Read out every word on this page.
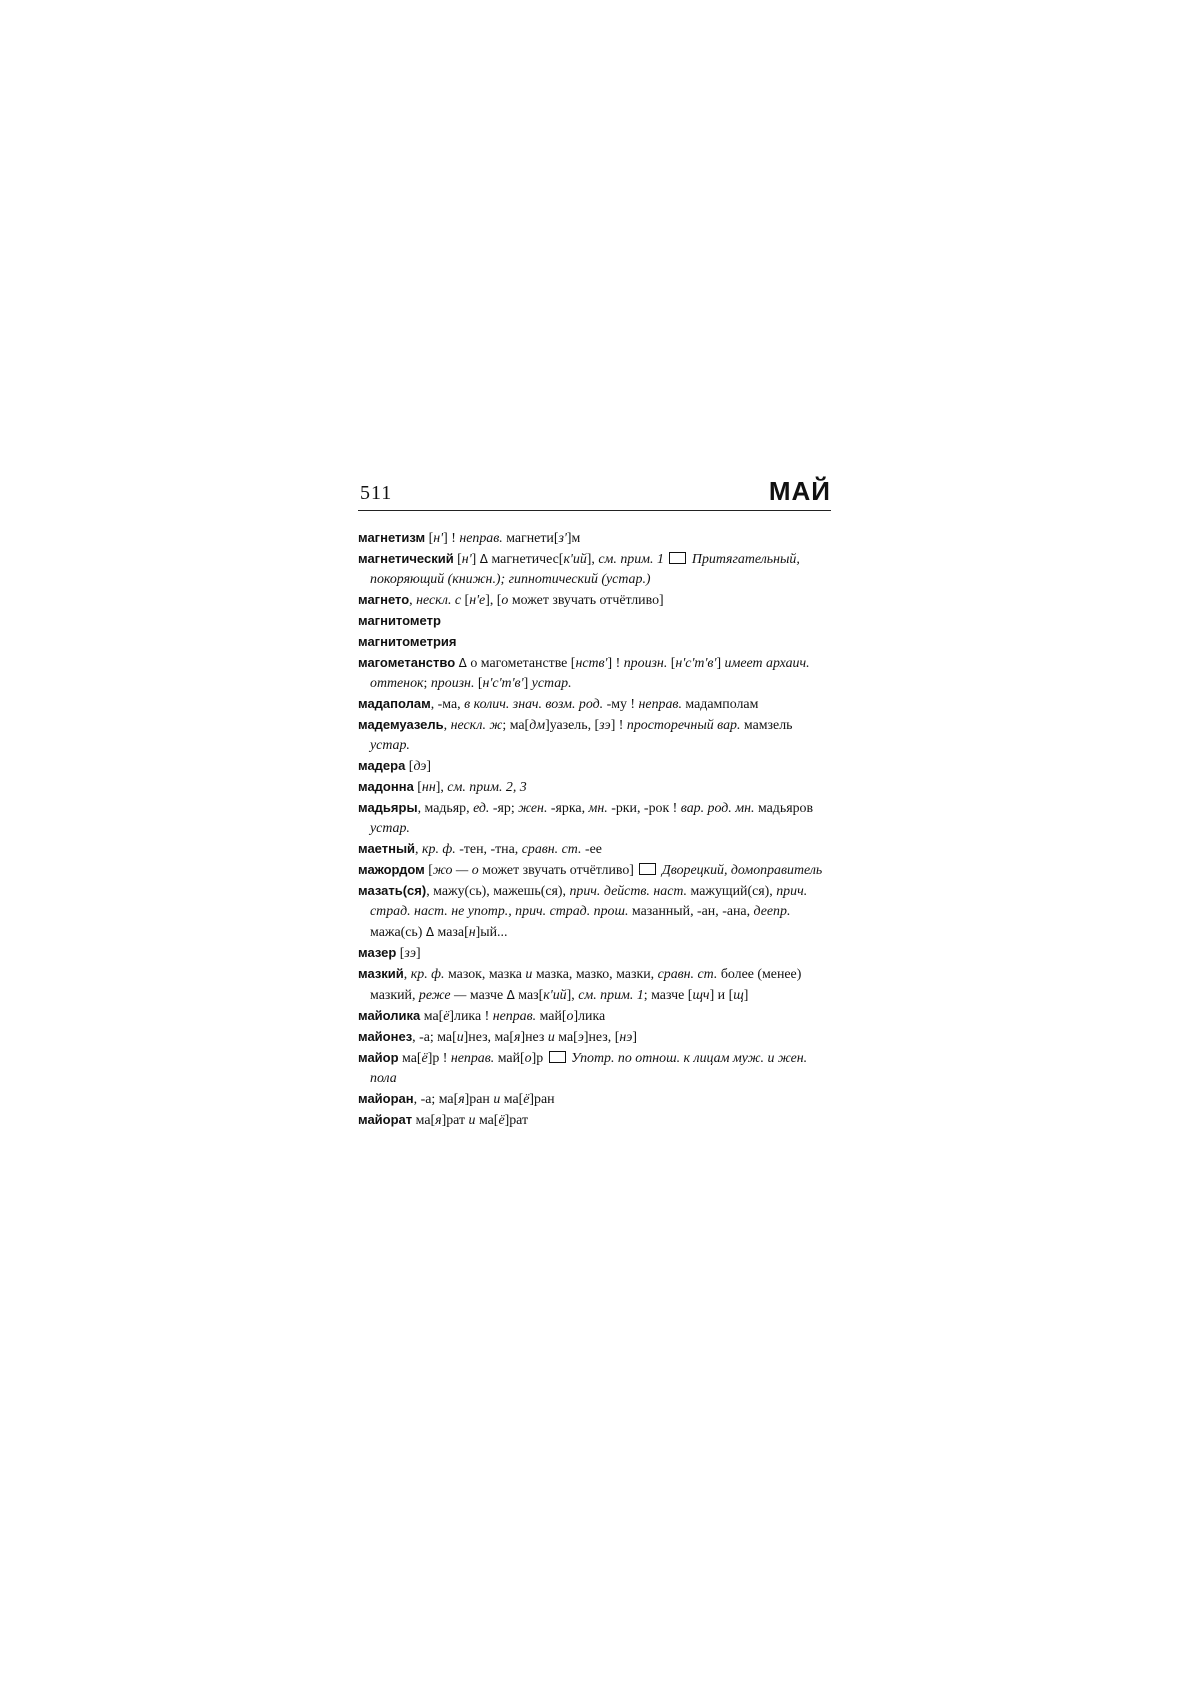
511	МАЙ

магнетизм [н'] ! неправ. магнети[з']м

магнетический [н'] Δ магнетичес[к'ий], см. прим. 1 Притягательный, покоряющий (книжн.); гипнотический (устар.)

магнето, нескл. с [н'е], [о может звучать отчётливо]

магнитометр

магнитометрия

магометанство Δ о магометанстве [нств'] ! произн. [н'с'т'в'] имеет архаич. оттенок; произн. [н'с'т'в'] устар.

мадаполам, -ма, в колич. знач. возм. род. -му ! неправ. мадамполам

мадемуазель, нескл. ж; ма[дм]уазель, [зэ] ! просторечный вар. мамзель устар.

мадера [дэ]

мадонна [нн], см. прим. 2, 3

мадьяры, мадьяр, ед. -яр; жен. -ярка, мн. -рки, -рок ! вар. род. мн. мадьяров устар.

маетный, кр. ф. -тен, -тна, сравн. ст. -ее

мажордом [жо — о может звучать отчётливо]  Дворецкий, домоправитель

мазать(ся), мажу(сь), мажешь(ся), прич. действ. наст. мажущий(ся), прич. страд. наст. не употр., прич. страд. прош. мазанный, -ан, -ана, деепр. мажа(сь) Δ маза[н]ый...

мазер [зэ]

мазкий, кр. ф. мазок, мазка и мазка, мазко, мазки, сравн. ст. более (менее) мазкий, реже — мазче Δ маз[к'ий], см. прим. 1; мазче [щч] и [щ]

майолика ма[ё]лика ! неправ. май[о]лика

майонез, -а; ма[и]нез, ма[я]нез и ма[э]нез, [нэ]

майор ма[ё]р ! неправ. май[о]р  Употр. по отнош. к лицам муж. и жен. пола

майоран, -а; ма[я]ран и ма[ё]ран

майорат ма[я]рат и ма[ё]рат
